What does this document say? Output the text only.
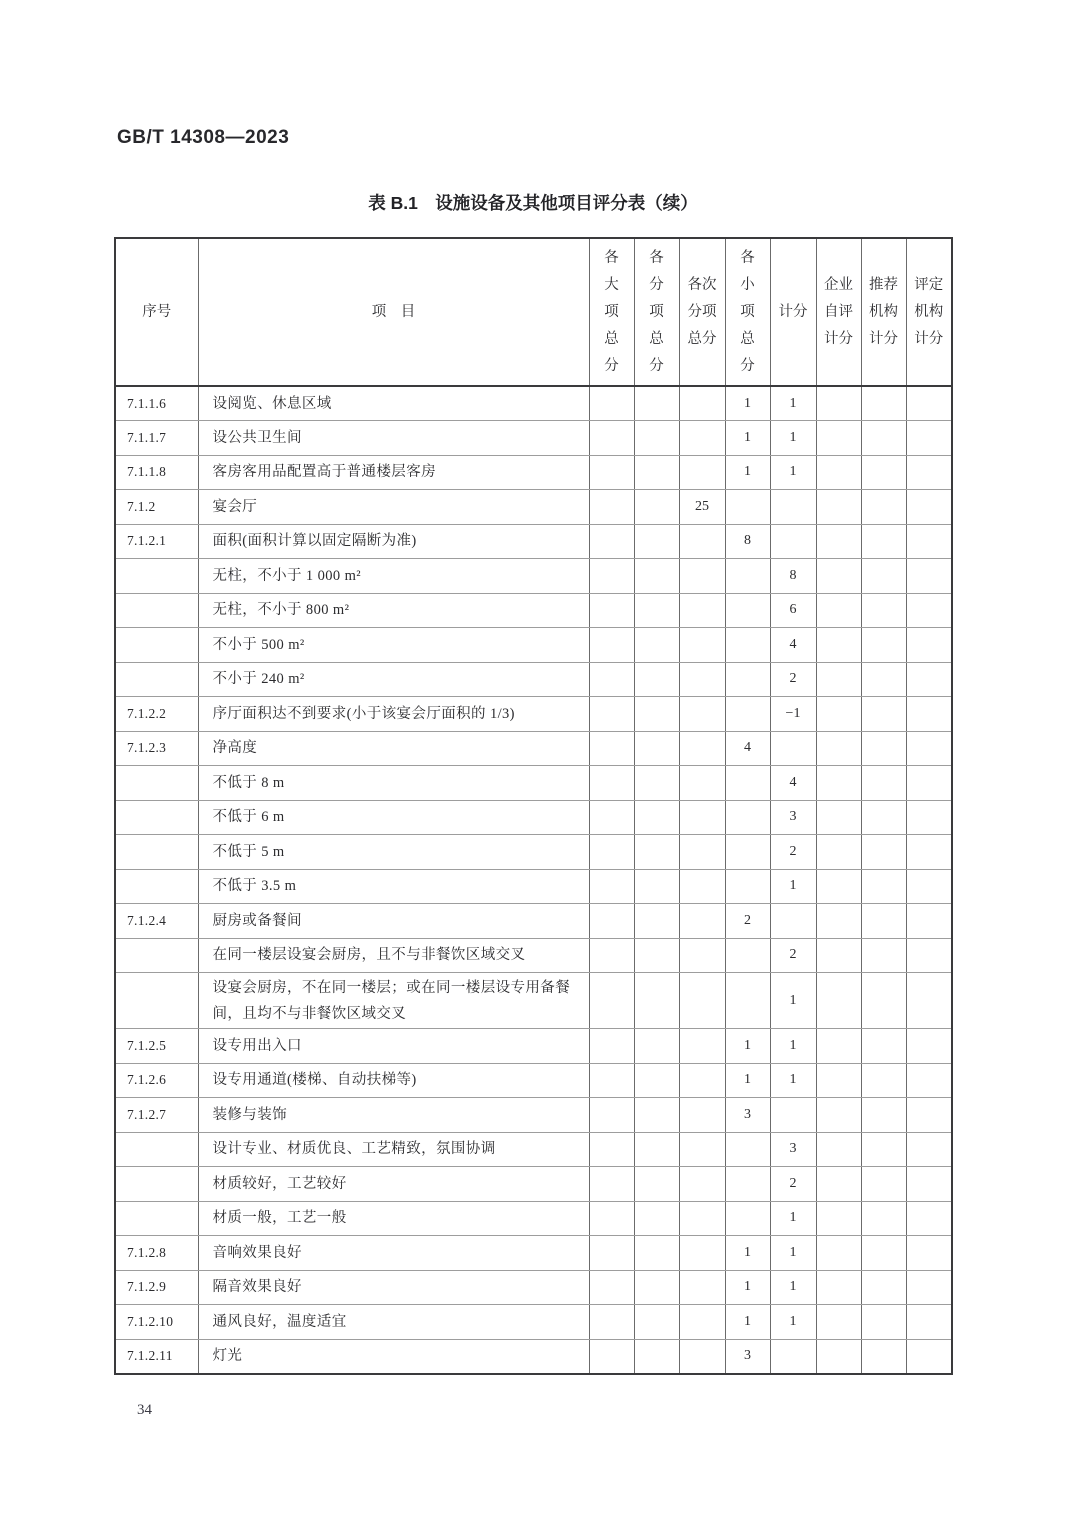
GB/T 14308—2023
表 B.1　设施设备及其他项目评分表（续）
序号	项　目	各
大
项
总
分	各
分
项
总
分	各次
分项
总分	各
小
项
总
分	计分	企业
自评
计分	推荐
机构
计分	评定
机构
计分
7.1.1.6	设阅览、休息区域				1	1			
7.1.1.7	设公共卫生间				1	1			
7.1.1.8	客房客用品配置高于普通楼层客房				1	1			
7.1.2	宴会厅			25					
7.1.2.1	面积(面积计算以固定隔断为准)				8				
	无柱，不小于 1 000 m²					8			
	无柱，不小于 800 m²					6			
	不小于 500 m²					4			
	不小于 240 m²					2			
7.1.2.2	序厅面积达不到要求(小于该宴会厅面积的 1/3)					−1			
7.1.2.3	净高度				4				
	不低于 8 m					4			
	不低于 6 m					3			
	不低于 5 m					2			
	不低于 3.5 m					1			
7.1.2.4	厨房或备餐间				2				
	在同一楼层设宴会厨房，且不与非餐饮区域交叉					2			
	设宴会厨房，不在同一楼层；或在同一楼层设专用备餐间，且均不与非餐饮区域交叉					1			
7.1.2.5	设专用出入口				1	1			
7.1.2.6	设专用通道(楼梯、自动扶梯等)				1	1			
7.1.2.7	装修与装饰				3				
	设计专业、材质优良、工艺精致，氛围协调					3			
	材质较好，工艺较好					2			
	材质一般，工艺一般					1			
7.1.2.8	音响效果良好				1	1			
7.1.2.9	隔音效果良好				1	1			
7.1.2.10	通风良好，温度适宜				1	1			
7.1.2.11	灯光				3				
34
